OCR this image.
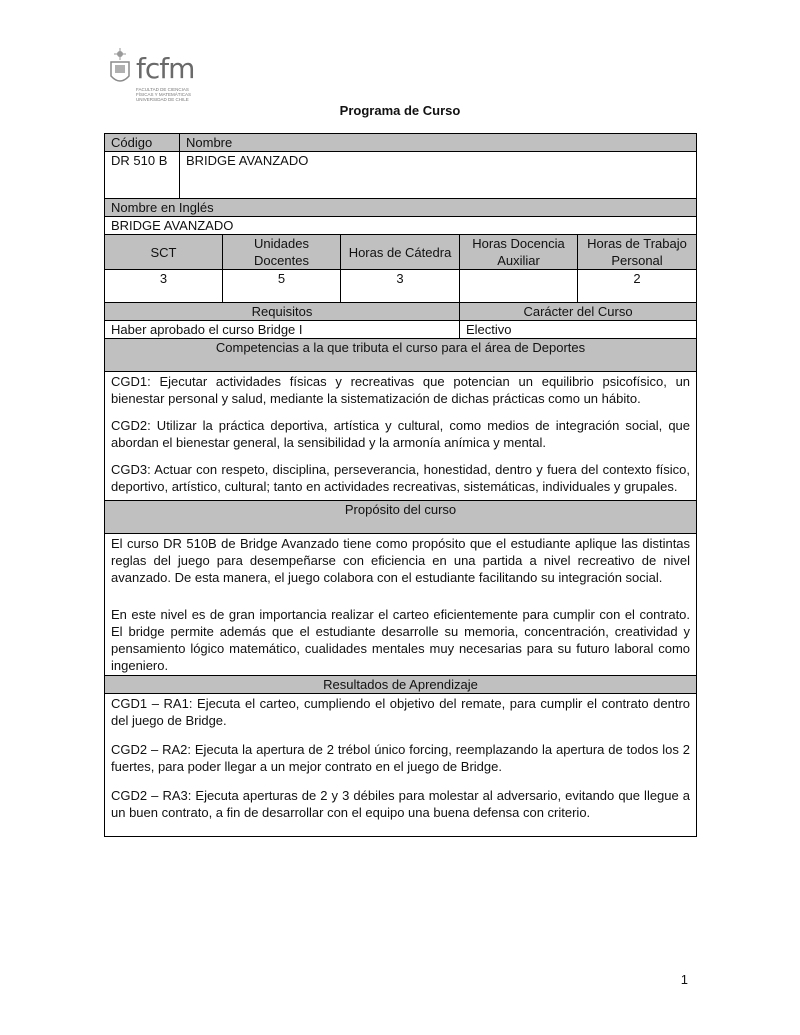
fcfm
FACULTAD DE CIENCIAS FÍSICAS Y MATEMÁTICAS UNIVERSIDAD DE CHILE
Programa de Curso
Código	Nombre				
DR 510 B	BRIDGE AVANZADO				
Nombre en Inglés					
BRIDGE AVANZADO					
SCT		Unidades Docentes	Horas de Cátedra	Horas Docencia Auxiliar	Horas de Trabajo Personal
3		5	3		2
Requisitos				Carácter del Curso	
Haber aprobado el curso Bridge I				Electivo	
Competencias a la que tributa el curso para el área de Deportes					

CGD1: Ejecutar actividades físicas y recreativas que potencian un equilibrio psicofísico, un bienestar personal y salud, mediante la sistematización de dichas prácticas como un hábito.

CGD2: Utilizar la práctica deportiva, artística y cultural, como medios de integración social, que abordan el bienestar general, la sensibilidad y la armonía anímica y mental.

CGD3: Actuar con respeto, disciplina, perseverancia, honestidad, dentro y fuera del contexto físico, deportivo, artístico, cultural; tanto en actividades recreativas, sistemáticas, individuales y grupales.					

Propósito del curso					

El curso DR 510B de Bridge Avanzado tiene como propósito que el estudiante aplique las distintas reglas del juego para desempeñarse con eficiencia en una partida a nivel recreativo de nivel avanzado. De esta manera, el juego colabora con el estudiante facilitando su integración social.

En este nivel es de gran importancia realizar el carteo eficientemente para cumplir con el contrato. El bridge permite además que el estudiante desarrolle su memoria, concentración, creatividad y pensamiento lógico matemático, cualidades mentales muy necesarias para su futuro laboral como ingeniero.					

Resultados de Aprendizaje					

CGD1 – RA1: Ejecuta el carteo, cumpliendo el objetivo del remate, para cumplir el contrato dentro del juego de Bridge.

CGD2 – RA2: Ejecuta la apertura de 2 trébol único forcing, reemplazando la apertura de todos los 2 fuertes, para poder llegar a un mejor contrato en el juego de Bridge.

CGD2 – RA3: Ejecuta aperturas de 2 y 3 débiles para molestar al adversario, evitando que llegue a un buen contrato, a fin de desarrollar con el equipo una buena defensa con criterio.					

1
